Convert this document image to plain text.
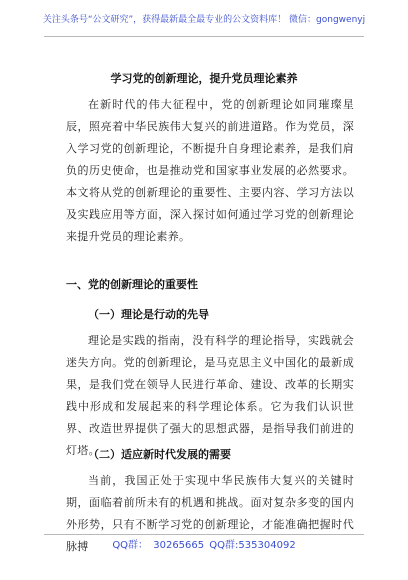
关注头条号“公文研究”，获得最新最全最专业的公文资料库！ 微信：gongwenyj
学习党的创新理论，提升党员理论素养

在新时代的伟大征程中，党的创新理论如同璀璨星辰，照亮着中华民族伟大复兴的前进道路。作为党员，深入学习党的创新理论，不断提升自身理论素养，是我们肩负的历史使命，也是推动党和国家事业发展的必然要求。本文将从党的创新理论的重要性、主要内容、学习方法以及实践应用等方面，深入探讨如何通过学习党的创新理论来提升党员的理论素养。

一、党的创新理论的重要性
（一）理论是行动的先导

理论是实践的指南，没有科学的理论指导，实践就会迷失方向。党的创新理论，是马克思主义中国化的最新成果，是我们党在领导人民进行革命、建设、改革的长期实践中形成和发展起来的科学理论体系。它为我们认识世界、改造世界提供了强大的思想武器，是指导我们前进的灯塔。

（二）适应新时代发展的需要

当前，我国正处于实现中华民族伟大复兴的关键时期，面临着前所未有的机遇和挑战。面对复杂多变的国内外形势，只有不断学习党的创新理论，才能准确把握时代脉搏	QQ群： 30265665 QQ群:535304092
